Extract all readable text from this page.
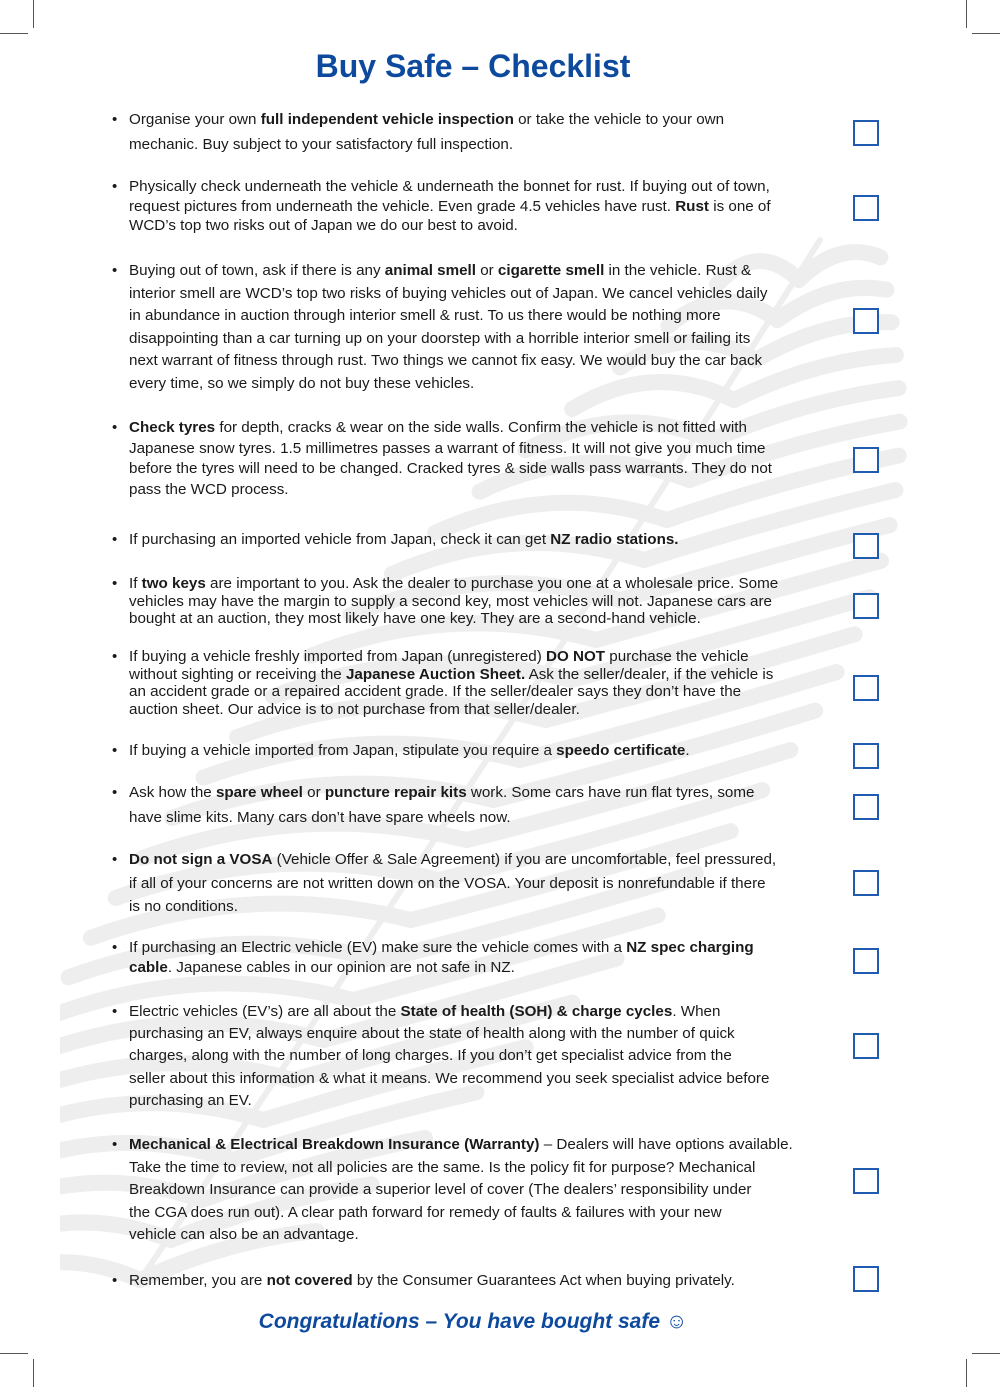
Buy Safe – Checklist
• Organise your own full independent vehicle inspection or take the vehicle to your own
mechanic. Buy subject to your satisfactory full inspection.
• Physically check underneath the vehicle & underneath the bonnet for rust. If buying out of town,
request pictures from underneath the vehicle. Even grade 4.5 vehicles have rust. Rust is one of
WCD’s top two risks out of Japan we do our best to avoid.
• Buying out of town, ask if there is any animal smell or cigarette smell in the vehicle. Rust &
interior smell are WCD’s top two risks of buying vehicles out of Japan. We cancel vehicles daily
in abundance in auction through interior smell & rust. To us there would be nothing more
disappointing than a car turning up on your doorstep with a horrible interior smell or failing its
next warrant of fitness through rust. Two things we cannot fix easy. We would buy the car back
every time, so we simply do not buy these vehicles.
• Check tyres for depth, cracks & wear on the side walls. Confirm the vehicle is not fitted with
Japanese snow tyres. 1.5 millimetres passes a warrant of fitness. It will not give you much time
before the tyres will need to be changed. Cracked tyres & side walls pass warrants. They do not
pass the WCD process.
• If purchasing an imported vehicle from Japan, check it can get NZ radio stations.
• If two keys are important to you. Ask the dealer to purchase you one at a wholesale price. Some
vehicles may have the margin to supply a second key, most vehicles will not. Japanese cars are
bought at an auction, they most likely have one key. They are a second-hand vehicle.
• If buying a vehicle freshly imported from Japan (unregistered) DO NOT purchase the vehicle
without sighting or receiving the Japanese Auction Sheet. Ask the seller/dealer, if the vehicle is
an accident grade or a repaired accident grade. If the seller/dealer says they don’t have the
auction sheet. Our advice is to not purchase from that seller/dealer.
• If buying a vehicle imported from Japan, stipulate you require a speedo certificate.
• Ask how the spare wheel or puncture repair kits work. Some cars have run flat tyres, some
have slime kits. Many cars don’t have spare wheels now.
• Do not sign a VOSA (Vehicle Offer & Sale Agreement) if you are uncomfortable, feel pressured,
if all of your concerns are not written down on the VOSA. Your deposit is nonrefundable if there
is no conditions.
• If purchasing an Electric vehicle (EV) make sure the vehicle comes with a NZ spec charging
cable. Japanese cables in our opinion are not safe in NZ.
• Electric vehicles (EV’s) are all about the State of health (SOH) & charge cycles. When
purchasing an EV, always enquire about the state of health along with the number of quick
charges, along with the number of long charges. If you don’t get specialist advice from the
seller about this information & what it means. We recommend you seek specialist advice before
purchasing an EV.
• Mechanical & Electrical Breakdown Insurance (Warranty) – Dealers will have options available.
Take the time to review, not all policies are the same. Is the policy fit for purpose? Mechanical
Breakdown Insurance can provide a superior level of cover (The dealers’ responsibility under
the CGA does run out). A clear path forward for remedy of faults & failures with your new
vehicle can also be an advantage.
• Remember, you are not covered by the Consumer Guarantees Act when buying privately.
Congratulations – You have bought safe ☺
